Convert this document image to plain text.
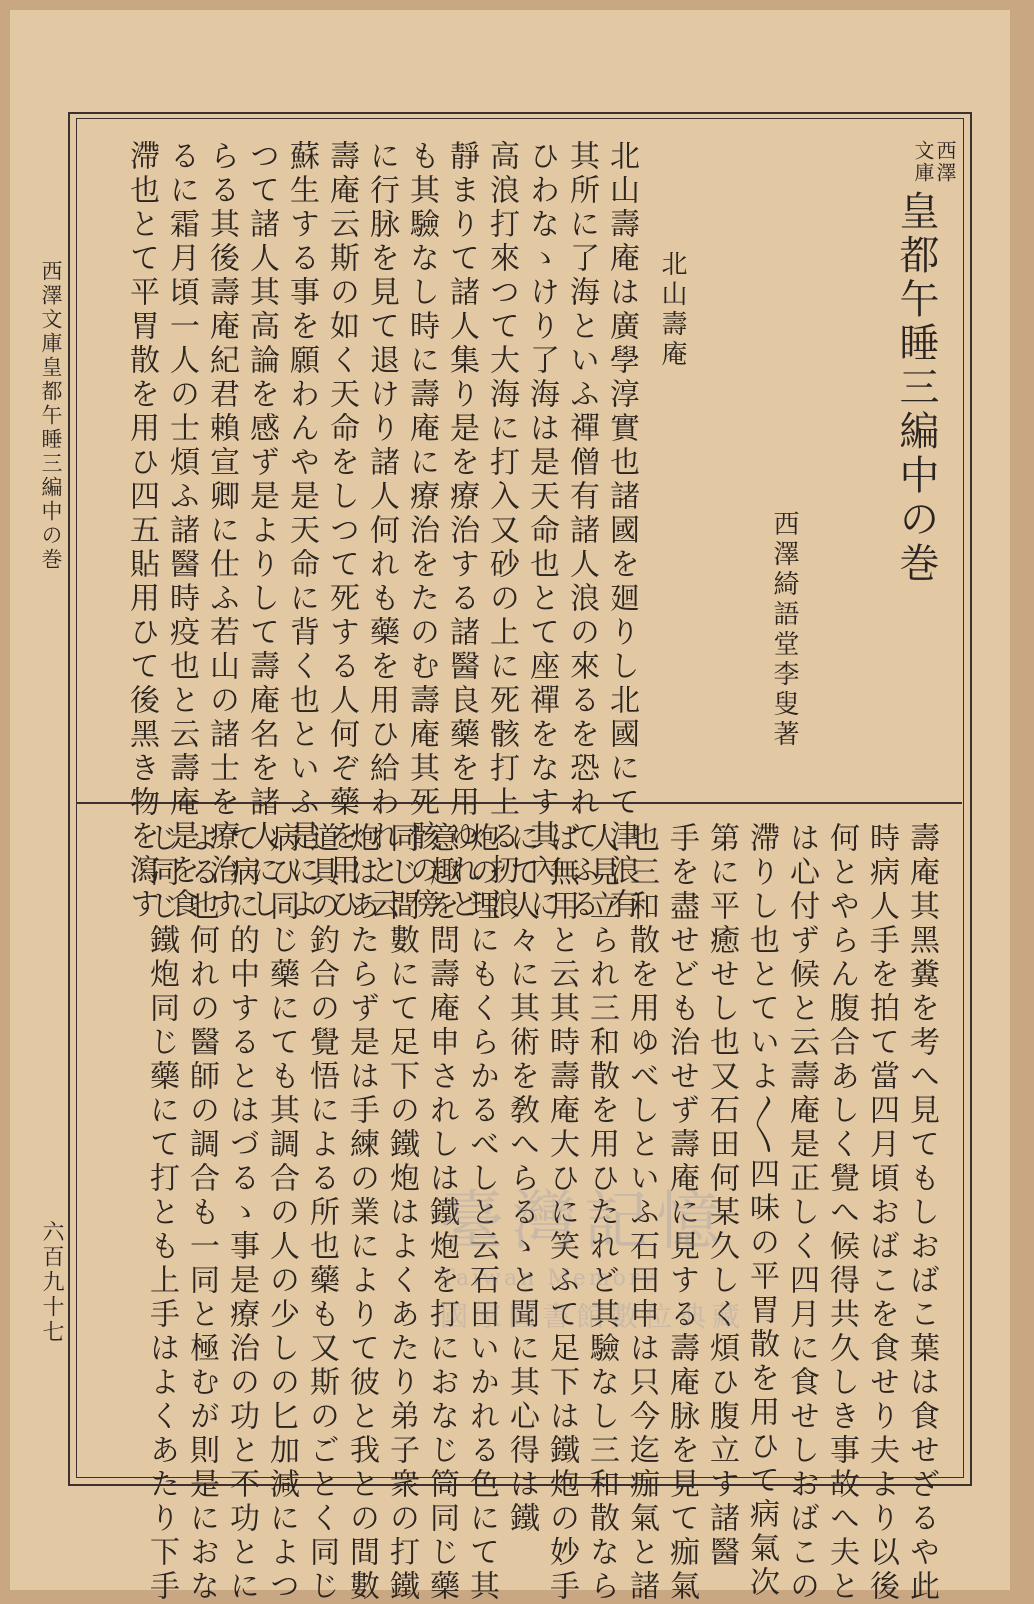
西澤
文庫
皇都午睡三編中の巻
西澤綺語堂李叟著
北山壽庵
北山壽庵は廣學淳實也諸國を廻りし北國にて津浪有
其所に了海といふ禪僧有諸人浪の來るを恐れてふる
ひわなゝけり了海は是天命也とて座禪をなす其內に
高浪打來つて大海に打入又砂の上に死骸打上る扨浪
靜まりて諸人集り是を療治する諸醫良藥を用ゆれど
も其驗なし時に壽庵に療治をたのむ壽庵其死骸の傍
に行脉を見て退けり諸人何れも藥を用ひ給われと云
壽庵云斯の如く天命をしつて死する人何ぞ藥を用ひ
蘇生する事を願わんや是天命に背く也といふ是によ
つて諸人其高論を感ず是よりして壽庵名を諸人にし
らる其後壽庵紀君賴宣卿に仕ふ若山の諸士を療治す
るに霜月頃一人の士煩ふ諸醫時疫也と云壽庵是を食
滯也とて平胃散を用ひ四五貼用ひて後黑き物を瀉す
壽庵其黑糞を考へ見てもしおばこ葉は食せざるや此
時病人手を拍て當四月頃おばこを食せり夫より以後
何とやらん腹合あしく覺へ候得共久しき事故へ夫と
は心付ず候と云壽庵是正しく四月に食せしおばこの
滯りし也とていよ〳〵四味の平胃散を用ひて病氣次
第に平癒せし也又石田何某久しく煩ひ腹立す諸醫
手を盡せども治せず壽庵に見する壽庵脉を見て痂氣
也三和散を用ゆべしといふ石田申は只今迄痂氣と諸
人見立られ三和散を用ひたれど其驗なし三和散なら
ば無用と云其時壽庵大ひに笑ふて足下は鐵炮の妙手
にて人々に其術を敎へらるゝと聞に其心得は鐵
炮の理にもくらかるべしと云石田いかれる色にて其
意趣を問壽庵申されしは鐵炮を打におなじ筒同じ藥
同じ間數にて足下の鐵炮はよくあたり弟子衆の打鐵
炮はあたらず是は手練の業によりて彼と我との間數
道具の釣合の覺悟による所也藥も又斯のごとく同じ
病ひ同じ藥にても其調合の人の少しの匕加減によつ
て病に的中するとはづるゝ事是療治の功と不功とに
よる也何れの醫師の調合も一同と極むが則是におな
じ同じ鐵炮同じ藥にて打とも上手はよくあたり下手
西澤文庫皇都午睡三編中の巻
六百九十七	臺灣記憶
Taiwan Memory
國家圖書館數位典藏
